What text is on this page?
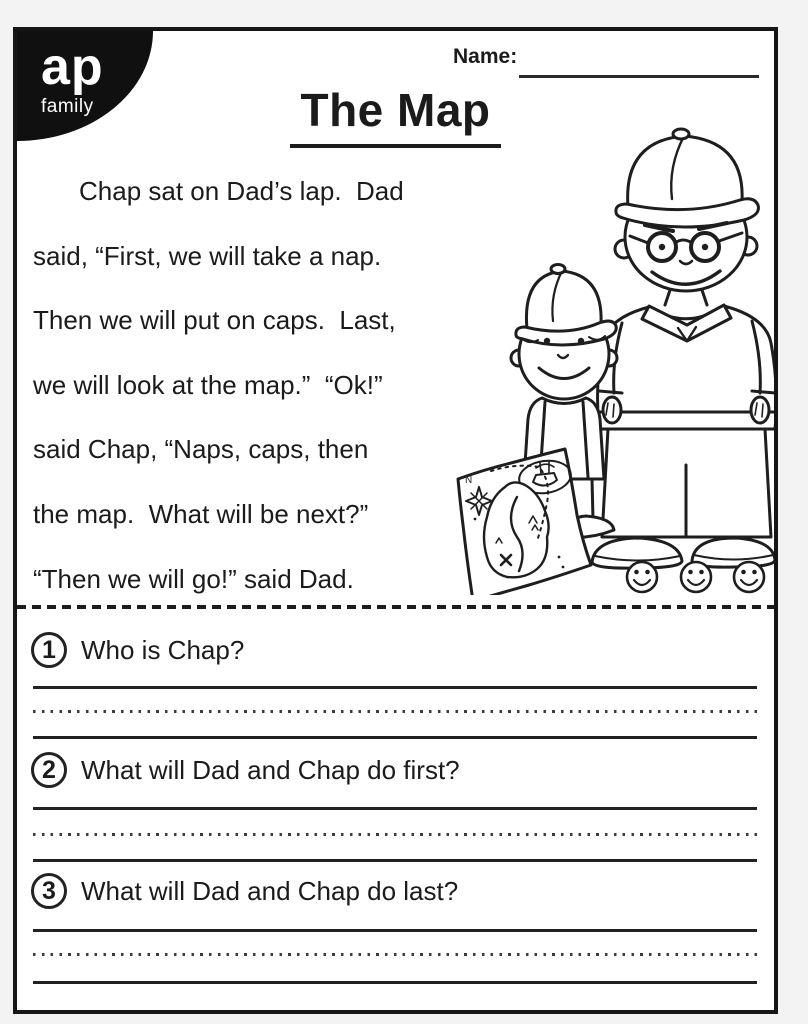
ap
family
Name:
The Map
Chap sat on Dad’s lap.  Dad
said, “First, we will take a nap.
Then we will put on caps.  Last,
we will look at the map.”  “Ok!”
said Chap, “Naps, caps, then
the map.  What will be next?”
“Then we will go!” said Dad.
N
1 Who is Chap?
2 What will Dad and Chap do first?
3 What will Dad and Chap do last?
